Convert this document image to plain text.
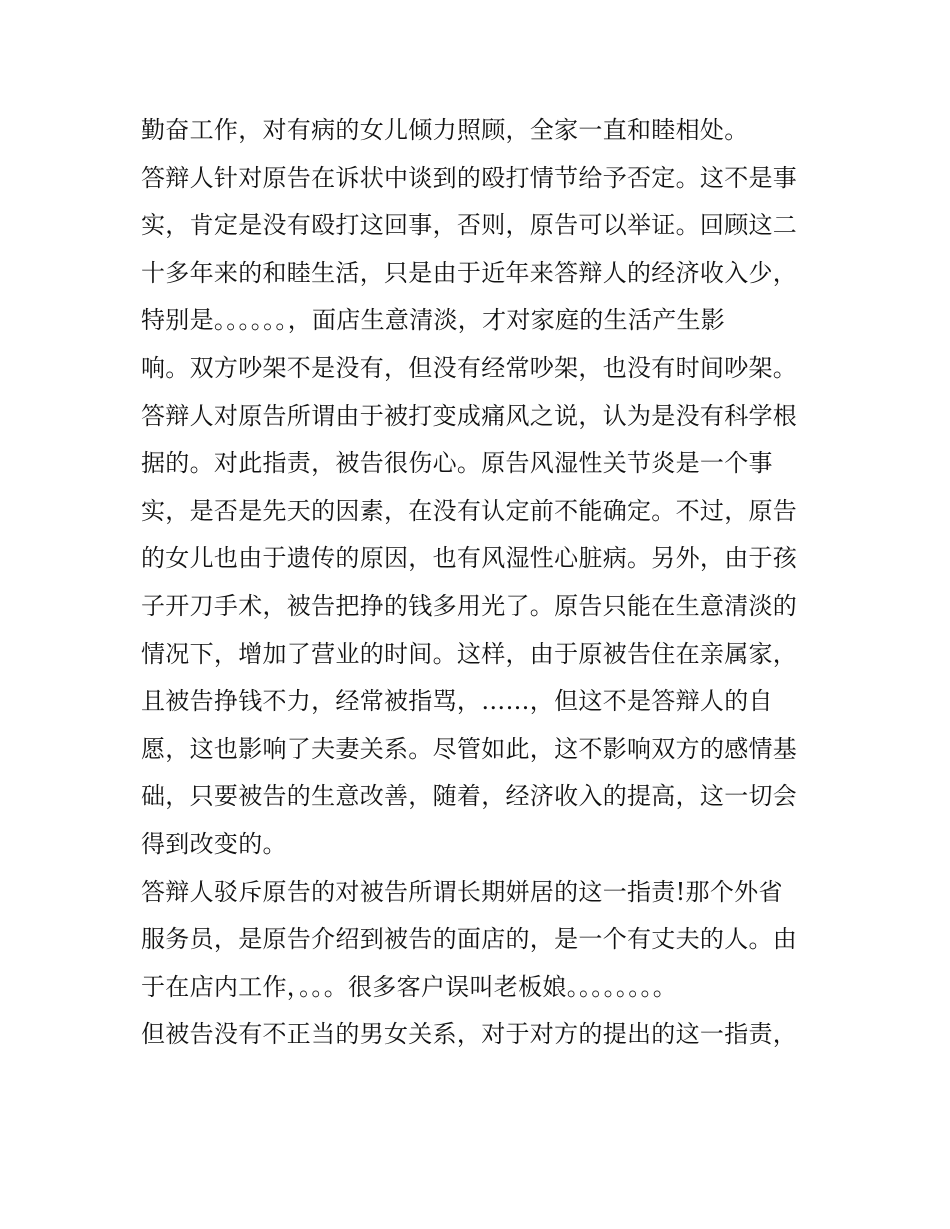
勤奋工作，对有病的女儿倾力照顾，全家一直和睦相处。
答辩人针对原告在诉状中谈到的殴打情节给予否定。这不是事
实，肯定是没有殴打这回事，否则，原告可以举证。回顾这二
十多年来的和睦生活，只是由于近年来答辩人的经济收入少，
特别是。。。。。。，面店生意清淡，才对家庭的生活产生影
响。双方吵架不是没有，但没有经常吵架，也没有时间吵架。
答辩人对原告所谓由于被打变成痛风之说，认为是没有科学根
据的。对此指责，被告很伤心。原告风湿性关节炎是一个事
实，是否是先天的因素，在没有认定前不能确定。不过，原告
的女儿也由于遗传的原因，也有风湿性心脏病。另外，由于孩
子开刀手术，被告把挣的钱多用光了。原告只能在生意清淡的
情况下，增加了营业的时间。这样，由于原被告住在亲属家，
且被告挣钱不力，经常被指骂，……，但这不是答辩人的自
愿，这也影响了夫妻关系。尽管如此，这不影响双方的感情基
础，只要被告的生意改善，随着，经济收入的提高，这一切会
得到改变的。
答辩人驳斥原告的对被告所谓长期姘居的这一指责!那个外省
服务员，是原告介绍到被告的面店的，是一个有丈夫的人。由
于在店内工作，。。。很多客户误叫老板娘。。。。。。。。
但被告没有不正当的男女关系，对于对方的提出的这一指责，
